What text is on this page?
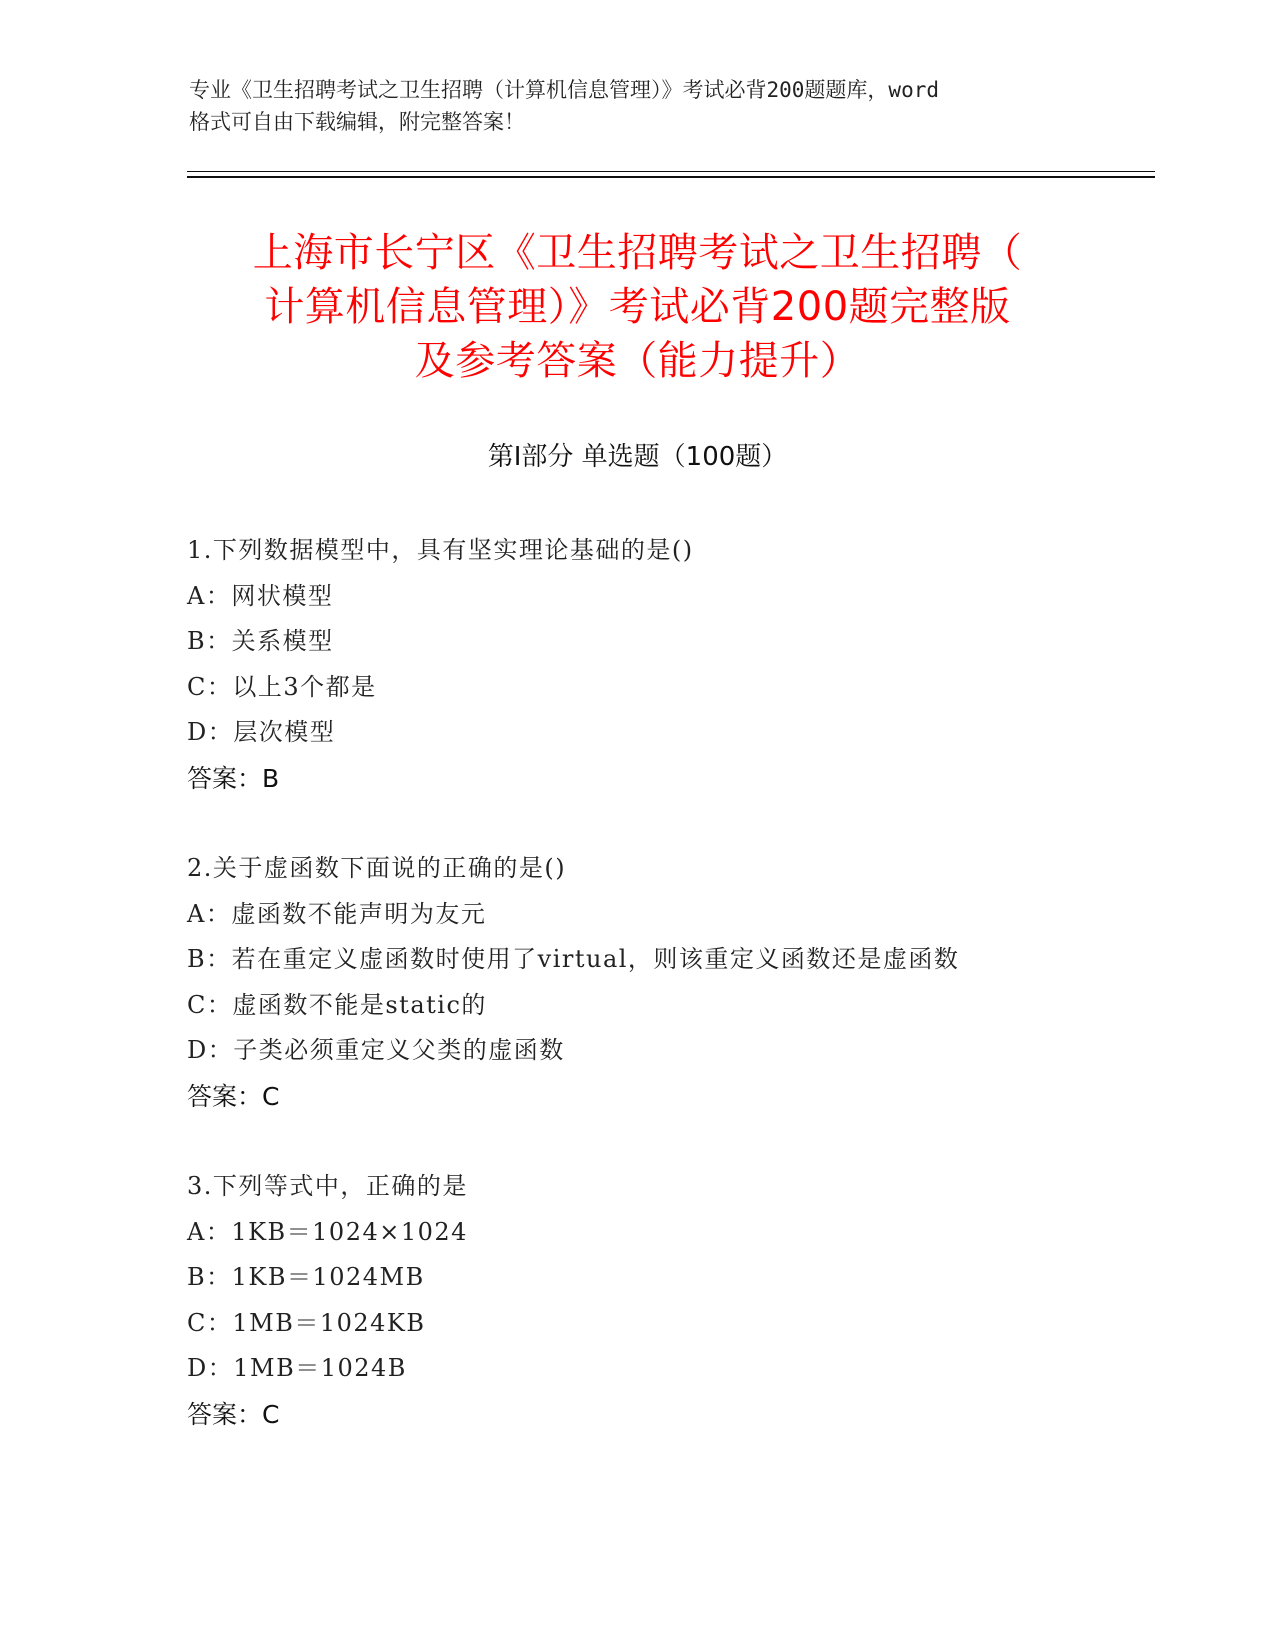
专业《卫生招聘考试之卫生招聘（计算机信息管理）》考试必背200题题库，word
格式可自由下载编辑，附完整答案！
上海市长宁区《卫生招聘考试之卫生招聘（
计算机信息管理）》考试必背200题完整版
及参考答案（能力提升）
第I部分 单选题（100题）
1.下列数据模型中，具有坚实理论基础的是()
A：网状模型
B：关系模型
C：以上3个都是
D：层次模型
答案：B
2.关于虚函数下面说的正确的是()
A：虚函数不能声明为友元
B：若在重定义虚函数时使用了virtual，则该重定义函数还是虚函数
C：虚函数不能是static的
D：子类必须重定义父类的虚函数
答案：C
3.下列等式中，正确的是
A：1KB＝1024×1024
B：1KB＝1024MB
C：1MB＝1024KB
D：1MB＝1024B
答案：C
